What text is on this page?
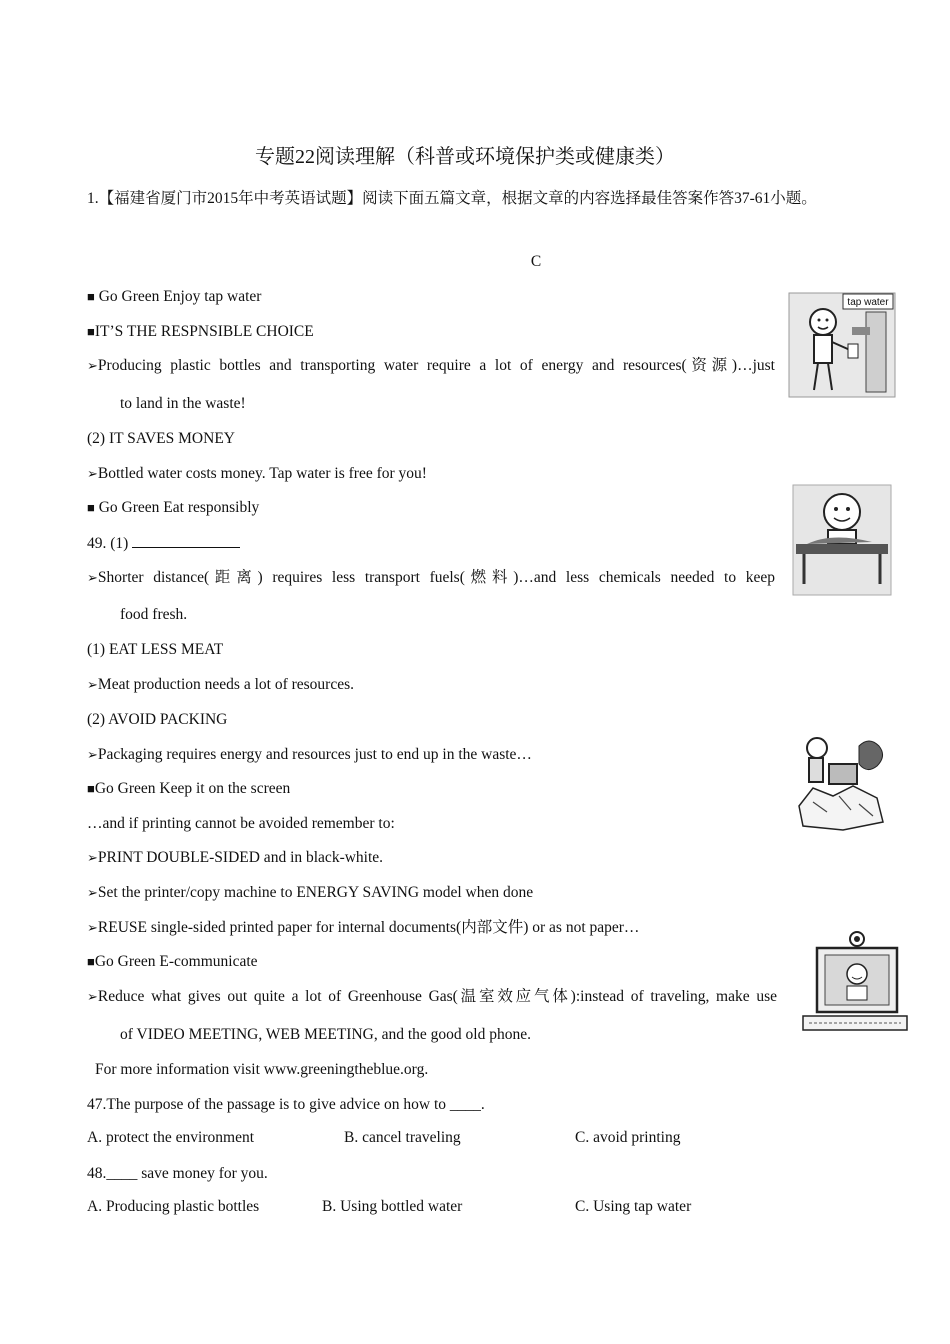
专题22阅读理解（科普或环境保护类或健康类）
1.【福建省厦门市2015年中考英语试题】阅读下面五篇文章，根据文章的内容选择最佳答案作答37-61小题。
C
■ Go Green Enjoy tap water
■IT’S THE RESPNSIBLE CHOICE
➢Producing plastic bottles and transporting water require a lot of energy and resources(资源)…just
to land in the waste!
(2) IT SAVES MONEY
➢Bottled water costs money. Tap water is free for you!
■ Go Green Eat responsibly
49. (1)
➢Shorter distance(距离) requires less transport fuels(燃料)…and less chemicals needed to keep
food fresh.
(1) EAT LESS MEAT
➢Meat production needs a lot of resources.
(2) AVOID PACKING
➢Packaging requires energy and resources just to end up in the waste…
■Go Green Keep it on the screen
…and if printing cannot be avoided remember to:
➢PRINT DOUBLE-SIDED and in black-white.
➢Set the printer/copy machine to ENERGY SAVING model when done
➢REUSE single-sided printed paper for internal documents(内部文件) or as not paper…
■Go Green E-communicate
➢Reduce what gives out quite a lot of Greenhouse Gas(温室效应气体):instead of traveling, make use
of VIDEO MEETING, WEB MEETING, and the good old phone.
For more information visit www.greeningtheblue.org.
47.The purpose of the passage is to give advice on how to ____.
A. protect the environment	B. cancel traveling	C. avoid printing
48.____ save money for you.
A. Producing plastic bottles	B. Using bottled water	C. Using tap water
tap water
